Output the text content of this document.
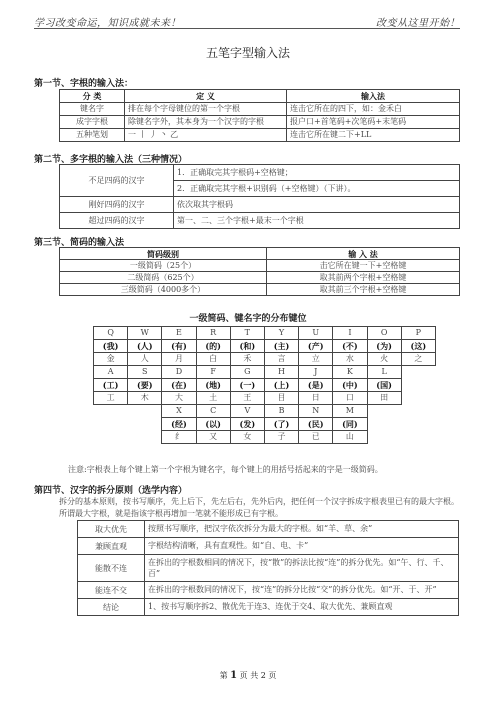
学习改变命运，知识成就未来！	改变从这里开始！
五笔字型输入法
第一节、字根的输入法：
分 类	定 义	输入法
键名字	排在每个字母键位的第一个字根	连击它所在的四下，如：金禾白
成字字根	除键名字外，其本身为一个汉字的字根	报户口+首笔码+次笔码+末笔码
五种笔划	一 丨 丿 丶 乙	连击它所在键二下+LL
第二节、多字根的输入法（三种情况）
不足四码的汉字	1．正确取完其字根码+空格键；
	2．正确取完其字根+识别码（+空格键）（下讲）。
刚好四码的汉字	依次取其字根码
超过四码的汉字	第一、二、三个字根+最末一个字根
第三节、简码的输入法
简码级别	输 入 法
一级简码（25个）	击它所在键一下+空格键
二级简码（625个）	取其前两个字根+空格键
三级简码（4000多个）	取其前三个字根+空格键
一级简码、键名字的分布键位
Q	W	E	R	T	Y	U	I	O	P
(我)	(人)	(有)	(的)	(和)	(主)	(产)	(不)	(为)	(这)
金	人	月	白	禾	言	立	水	火	之
A	S	D	F	G	H	J	K	L	
(工)	(要)	(在)	(地)	(一)	(上)	(是)	(中)	(国)	
工	木	大	土	王	目	日	口	田	
		X	C	V	B	N	M		
		(经)	(以)	(发)	(了)	(民)	(同)		
		纟	又	女	子	已	山		
注意:字根表上每个键上第一个字根为键名字，每个键上的用括号括起来的字是一级简码。
第四节、汉字的拆分原则（选学内容）
拆分的基本原则，按书写顺序，先上后下，先左后右，先外后内，把任何一个汉字拆成字根表里已有的最大字根。所谓最大字根，就是指该字根再增加一笔就不能形成已有字根。
取大优先	按照书写顺序，把汉字依次拆分为最大的字根。如“羊、草、余”
兼顾直观	字根结构清晰，具有直观性。如“自、电、卡”
能散不连	在拆出的字根数相同的情况下，按“散”的拆法比按“连”的拆分优先。如“午、行、千、百”
能连不交	在拆出的字根数同的情况下，按“连”的拆分比按“交”的拆分优先。如“开、于、开”
结论	1、按书写顺序拆2、散优先于连3、连优于交4、取大优先、兼顾直观
第 1 页 共 2 页
